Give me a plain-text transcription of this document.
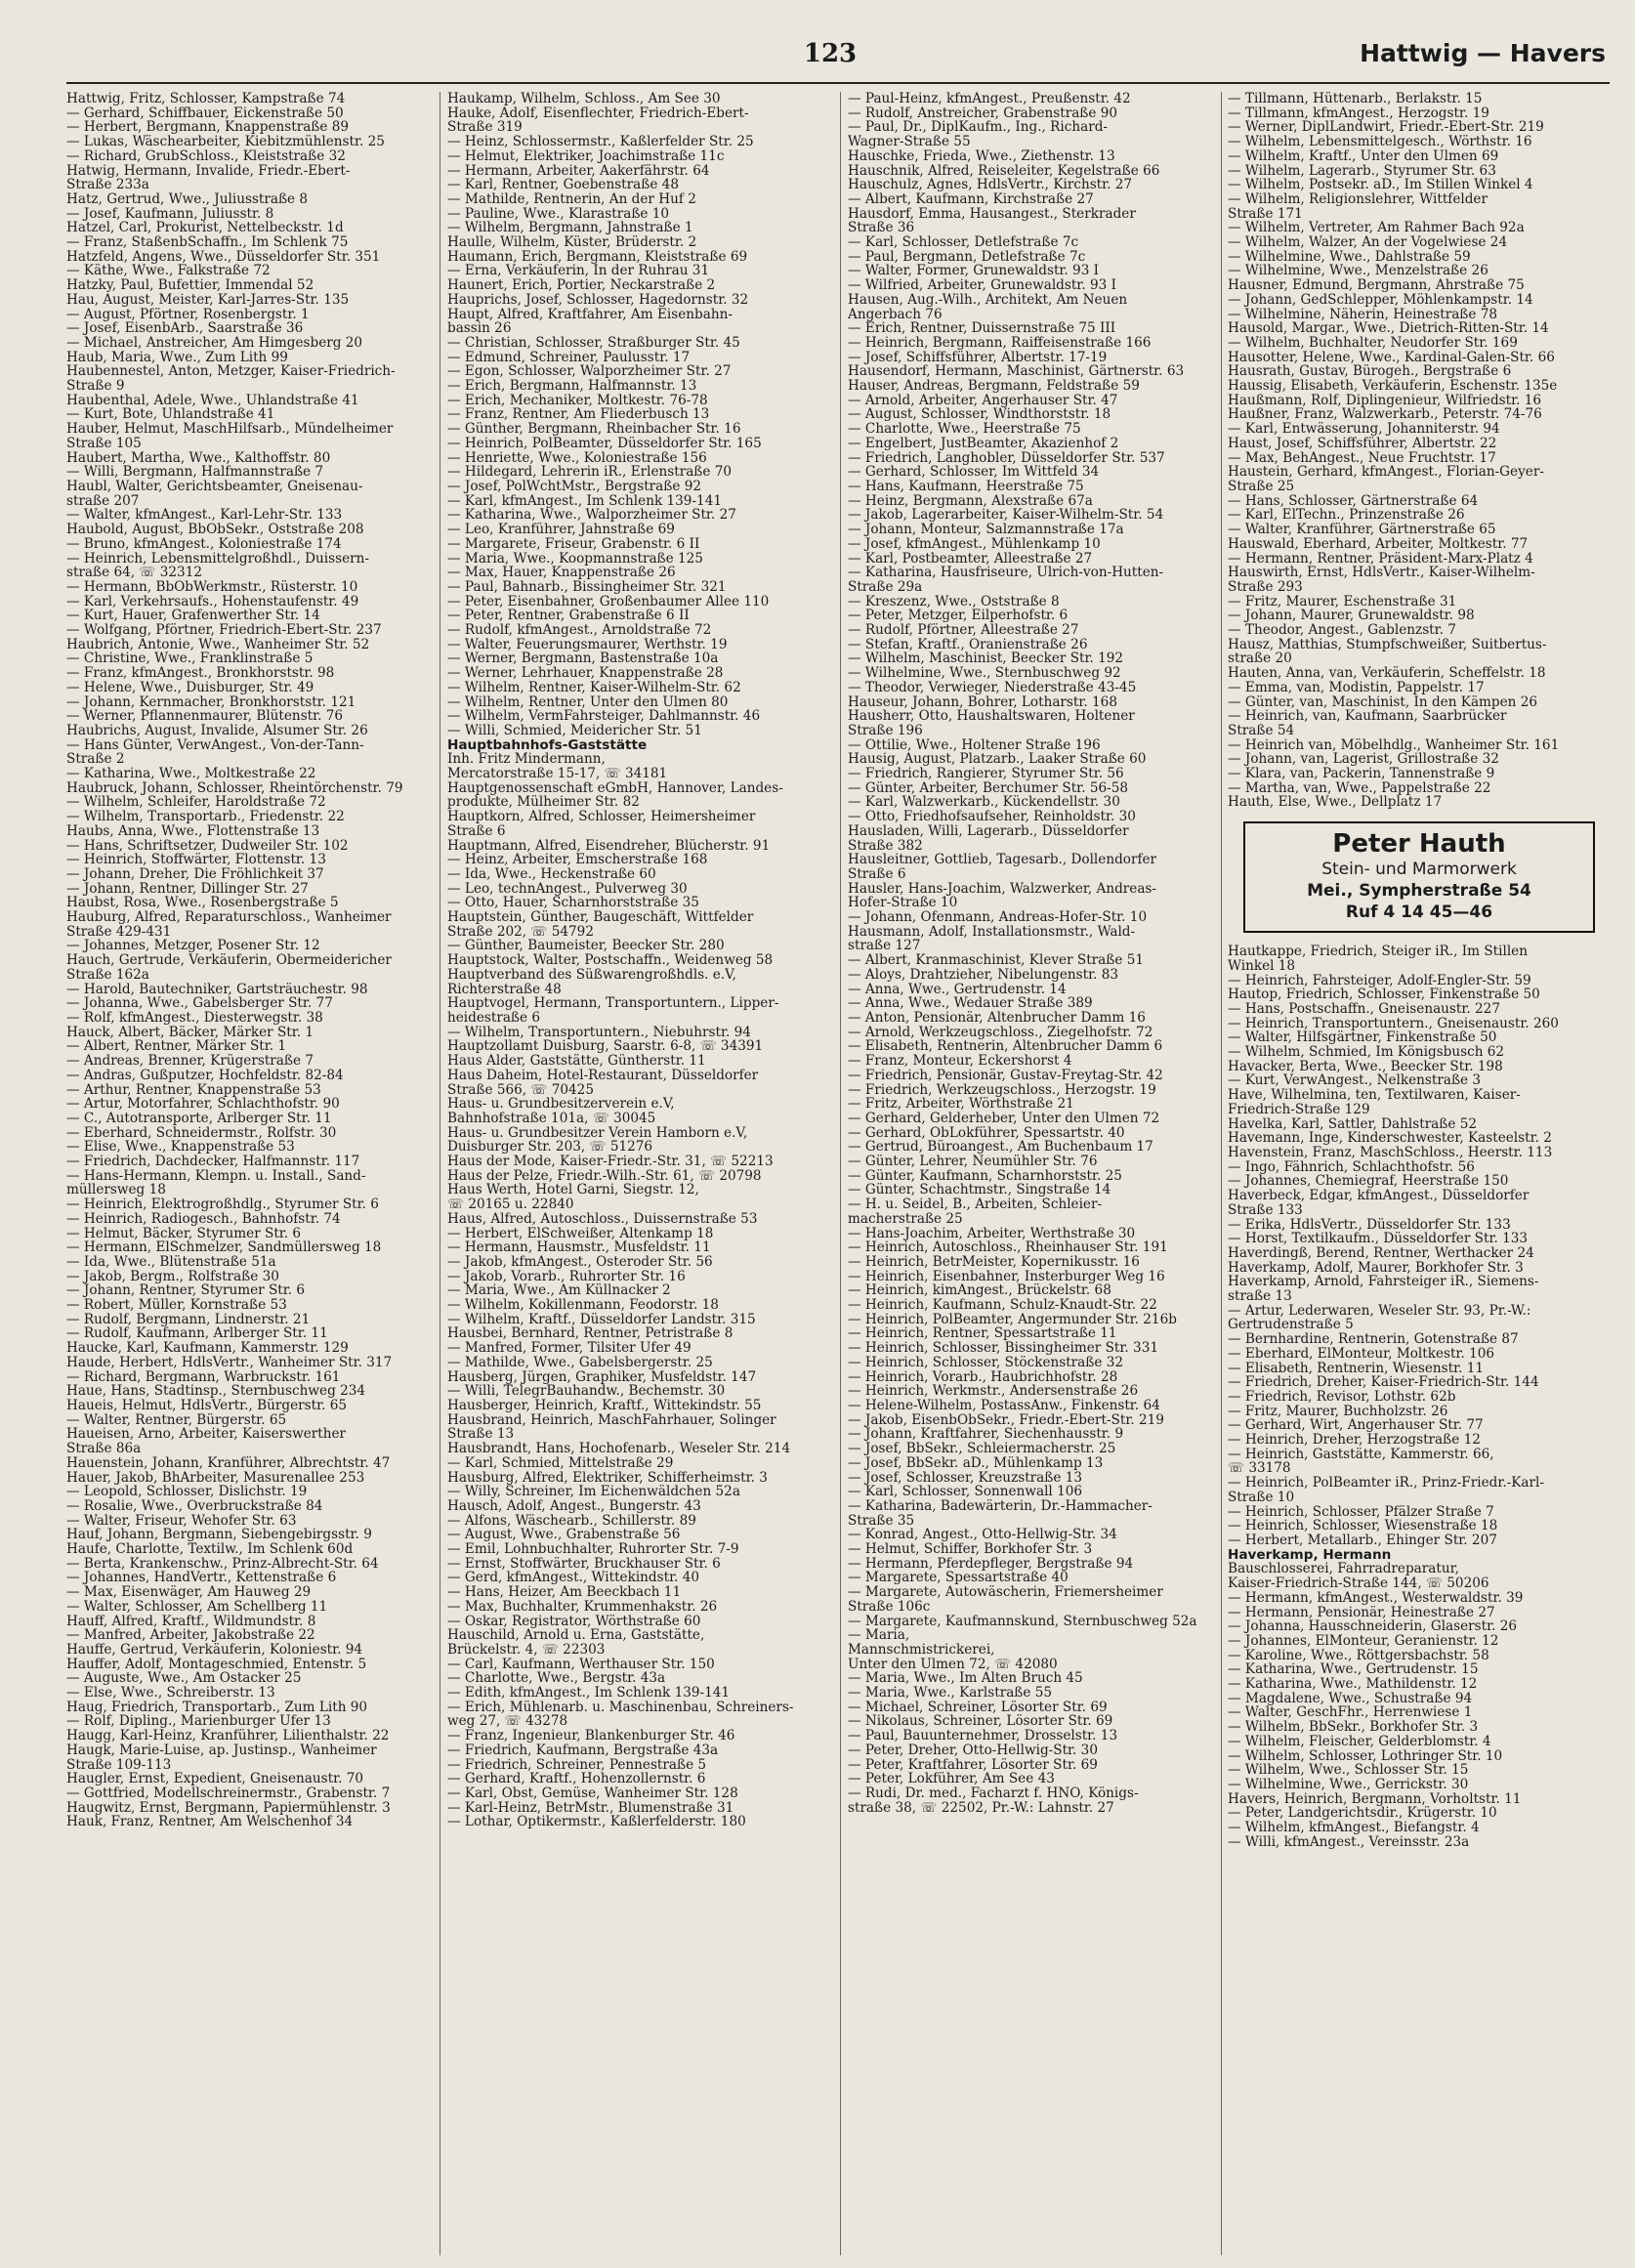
123	Hattwig — Havers
Hattwig, Fritz, Schlosser, Kampstraße 74
— Gerhard, Schiffbauer, Eickenstraße 50
— Herbert, Bergmann, Knappenstraße 89
— Lukas, Wäschearbeiter, Kiebitzmühlenstr. 25
— Richard, GrubSchloss., Kleiststraße 32
Hatwig, Hermann, Invalide, Friedr.-Ebert-
Straße 233a
Hatz, Gertrud, Wwe., Juliusstraße 8
— Josef, Kaufmann, Juliusstr. 8
Hatzel, Carl, Prokurist, Nettelbeckstr. 1d
— Franz, StaßenbSchaffn., Im Schlenk 75
Hatzfeld, Angens, Wwe., Düsseldorfer Str. 351
— Käthe, Wwe., Falkstraße 72
Hatzky, Paul, Bufettier, Immendal 52
Hau, August, Meister, Karl-Jarres-Str. 135
— August, Pförtner, Rosenbergstr. 1
— Josef, EisenbArb., Saarstraße 36
— Michael, Anstreicher, Am Himgesberg 20
Haub, Maria, Wwe., Zum Lith 99
Haubennestel, Anton, Metzger, Kaiser-Friedrich-
Straße 9
Haubenthal, Adele, Wwe., Uhlandstraße 41
— Kurt, Bote, Uhlandstraße 41
Hauber, Helmut, MaschHilfsarb., Mündelheimer
Straße 105
Haubert, Martha, Wwe., Kalthoffstr. 80
— Willi, Bergmann, Halfmannstraße 7
Haubl, Walter, Gerichtsbeamter, Gneisenau-
straße 207
— Walter, kfmAngest., Karl-Lehr-Str. 133
Haubold, August, BbObSekr., Oststraße 208
— Bruno, kfmAngest., Koloniestraße 174
— Heinrich, Lebensmittelgroßhdl., Duissern-
straße 64, ☏ 32312
— Hermann, BbObWerkmstr., Rüsterstr. 10
— Karl, Verkehrsaufs., Hohenstaufenstr. 49
— Kurt, Hauer, Grafenwerther Str. 14
— Wolfgang, Pförtner, Friedrich-Ebert-Str. 237
Haubrich, Antonie, Wwe., Wanheimer Str. 52
— Christine, Wwe., Franklinstraße 5
— Franz, kfmAngest., Bronkhorststr. 98
— Helene, Wwe., Duisburger, Str. 49
— Johann, Kernmacher, Bronkhorststr. 121
— Werner, Pflannenmaurer, Blütenstr. 76
Haubrichs, August, Invalide, Alsumer Str. 26
— Hans Günter, VerwAngest., Von-der-Tann-
Straße 2
— Katharina, Wwe., Moltkestraße 22
Haubruck, Johann, Schlosser, Rheintörchenstr. 79
— Wilhelm, Schleifer, Haroldstraße 72
— Wilhelm, Transportarb., Friedenstr. 22
Haubs, Anna, Wwe., Flottenstraße 13
— Hans, Schriftsetzer, Dudweiler Str. 102
— Heinrich, Stoffwärter, Flottenstr. 13
— Johann, Dreher, Die Fröhlichkeit 37
— Johann, Rentner, Dillinger Str. 27
Haubst, Rosa, Wwe., Rosenbergstraße 5
Hauburg, Alfred, Reparaturschloss., Wanheimer
Straße 429-431
— Johannes, Metzger, Posener Str. 12
Hauch, Gertrude, Verkäuferin, Obermeidericher
Straße 162a
— Harold, Bautechniker, Gartsträuchestr. 98
— Johanna, Wwe., Gabelsberger Str. 77
— Rolf, kfmAngest., Diesterwegstr. 38
Hauck, Albert, Bäcker, Märker Str. 1
— Albert, Rentner, Märker Str. 1
— Andreas, Brenner, Krügerstraße 7
— Andras, Gußputzer, Hochfeldstr. 82-84
— Arthur, Rentner, Knappenstraße 53
— Artur, Motorfahrer, Schlachthofstr. 90
— C., Autotransporte, Arlberger Str. 11
— Eberhard, Schneidermstr., Rolfstr. 30
— Elise, Wwe., Knappenstraße 53
— Friedrich, Dachdecker, Halfmannstr. 117
— Hans-Hermann, Klempn. u. Install., Sand-
müllersweg 18
— Heinrich, Elektrogroßhdlg., Styrumer Str. 6
— Heinrich, Radiogesch., Bahnhofstr. 74
— Helmut, Bäcker, Styrumer Str. 6
— Hermann, ElSchmelzer, Sandmüllersweg 18
— Ida, Wwe., Blütenstraße 51a
— Jakob, Bergm., Rolfstraße 30
— Johann, Rentner, Styrumer Str. 6
— Robert, Müller, Kornstraße 53
— Rudolf, Bergmann, Lindnerstr. 21
— Rudolf, Kaufmann, Arlberger Str. 11
Haucke, Karl, Kaufmann, Kammerstr. 129
Haude, Herbert, HdlsVertr., Wanheimer Str. 317
— Richard, Bergmann, Warbruckstr. 161
Haue, Hans, Stadtinsp., Sternbuschweg 234
Haueis, Helmut, HdlsVertr., Bürgerstr. 65
— Walter, Rentner, Bürgerstr. 65
Haueisen, Arno, Arbeiter, Kaiserswerther
Straße 86a
Hauenstein, Johann, Kranführer, Albrechtstr. 47
Hauer, Jakob, BhArbeiter, Masurenallee 253
— Leopold, Schlosser, Dislichstr. 19
— Rosalie, Wwe., Overbruckstraße 84
— Walter, Friseur, Wehofer Str. 63
Hauf, Johann, Bergmann, Siebengebirgsstr. 9
Haufe, Charlotte, Textilw., Im Schlenk 60d
— Berta, Krankenschw., Prinz-Albrecht-Str. 64
— Johannes, HandVertr., Kettenstraße 6
— Max, Eisenwäger, Am Hauweg 29
— Walter, Schlosser, Am Schellberg 11
Hauff, Alfred, Kraftf., Wildmundstr. 8
— Manfred, Arbeiter, Jakobstraße 22
Hauffe, Gertrud, Verkäuferin, Koloniestr. 94
Hauffer, Adolf, Montageschmied, Entenstr. 5
— Auguste, Wwe., Am Ostacker 25
— Else, Wwe., Schreiberstr. 13
Haug, Friedrich, Transportarb., Zum Lith 90
— Rolf, Dipling., Marienburger Ufer 13
Haugg, Karl-Heinz, Kranführer, Lilienthalstr. 22
Haugk, Marie-Luise, ap. Justinsp., Wanheimer
Straße 109-113
Haugler, Ernst, Expedient, Gneisenaustr. 70
— Gottfried, Modellschreinermstr., Grabenstr. 7
Haugwitz, Ernst, Bergmann, Papiermühlenstr. 3
Hauk, Franz, Rentner, Am Welschenhof 34
Haukamp, Wilhelm, Schloss., Am See 30
Hauke, Adolf, Eisenflechter, Friedrich-Ebert-
Straße 319
— Heinz, Schlossermstr., Kaßlerfelder Str. 25
— Helmut, Elektriker, Joachimstraße 11c
— Hermann, Arbeiter, Aakerfährstr. 64
— Karl, Rentner, Goebenstraße 48
— Mathilde, Rentnerin, An der Huf 2
— Pauline, Wwe., Klarastraße 10
— Wilhelm, Bergmann, Jahnstraße 1
Haulle, Wilhelm, Küster, Brüderstr. 2
Haumann, Erich, Bergmann, Kleiststraße 69
— Erna, Verkäuferin, In der Ruhrau 31
Haunert, Erich, Portier, Neckarstraße 2
Hauprichs, Josef, Schlosser, Hagedornstr. 32
Haupt, Alfred, Kraftfahrer, Am Eisenbahn-
bassin 26
— Christian, Schlosser, Straßburger Str. 45
— Edmund, Schreiner, Paulusstr. 17
— Egon, Schlosser, Walporzheimer Str. 27
— Erich, Bergmann, Halfmannstr. 13
— Erich, Mechaniker, Moltkestr. 76-78
— Franz, Rentner, Am Fliederbusch 13
— Günther, Bergmann, Rheinbacher Str. 16
— Heinrich, PolBeamter, Düsseldorfer Str. 165
— Henriette, Wwe., Koloniestraße 156
— Hildegard, Lehrerin iR., Erlenstraße 70
— Josef, PolWchtMstr., Bergstraße 92
— Karl, kfmAngest., Im Schlenk 139-141
— Katharina, Wwe., Walporzheimer Str. 27
— Leo, Kranführer, Jahnstraße 69
— Margarete, Friseur, Grabenstr. 6 II
— Maria, Wwe., Koopmannstraße 125
— Max, Hauer, Knappenstraße 26
— Paul, Bahnarb., Bissingheimer Str. 321
— Peter, Eisenbahner, Großenbaumer Allee 110
— Peter, Rentner, Grabenstraße 6 II
— Rudolf, kfmAngest., Arnoldstraße 72
— Walter, Feuerungsmaurer, Werthstr. 19
— Werner, Bergmann, Bastenstraße 10a
— Werner, Lehrhauer, Knappenstraße 28
— Wilhelm, Rentner, Kaiser-Wilhelm-Str. 62
— Wilhelm, Rentner, Unter den Ulmen 80
— Wilhelm, VermFahrsteiger, Dahlmannstr. 46
— Willi, Schmied, Meidericher Str. 51
Hauptbahnhofs-Gaststätte
Inh. Fritz Mindermann,
Mercatorstraße 15-17, ☏ 34181
Hauptgenossenschaft eGmbH, Hannover, Landes-
produkte, Mülheimer Str. 82
Hauptkorn, Alfred, Schlosser, Heimersheimer
Straße 6
Hauptmann, Alfred, Eisendreher, Blücherstr. 91
— Heinz, Arbeiter, Emscherstraße 168
— Ida, Wwe., Heckenstraße 60
— Leo, technAngest., Pulverweg 30
— Otto, Hauer, Scharnhorststraße 35
Hauptstein, Günther, Baugeschäft, Wittfelder
Straße 202, ☏ 54792
— Günther, Baumeister, Beecker Str. 280
Hauptstock, Walter, Postschaffn., Weidenweg 58
Hauptverband des Süßwarengroßhdls. e.V,
Richterstraße 48
Hauptvogel, Hermann, Transportuntern., Lipper-
heidestraße 6
— Wilhelm, Transportuntern., Niebuhrstr. 94
Hauptzollamt Duisburg, Saarstr. 6-8, ☏ 34391
Haus Alder, Gaststätte, Güntherstr. 11
Haus Daheim, Hotel-Restaurant, Düsseldorfer
Straße 566, ☏ 70425
Haus- u. Grundbesitzerverein e.V,
Bahnhofstraße 101a, ☏ 30045
Haus- u. Grundbesitzer Verein Hamborn e.V,
Duisburger Str. 203, ☏ 51276
Haus der Mode, Kaiser-Friedr.-Str. 31, ☏ 52213
Haus der Pelze, Friedr.-Wilh.-Str. 61, ☏ 20798
Haus Werth, Hotel Garni, Siegstr. 12,
☏ 20165 u. 22840
Haus, Alfred, Autoschloss., Duissernstraße 53
— Herbert, ElSchweißer, Altenkamp 18
— Hermann, Hausmstr., Musfeldstr. 11
— Jakob, kfmAngest., Osteroder Str. 56
— Jakob, Vorarb., Ruhrorter Str. 16
— Maria, Wwe., Am Küllnacker 2
— Wilhelm, Kokillenmann, Feodorstr. 18
— Wilhelm, Kraftf., Düsseldorfer Landstr. 315
Hausbei, Bernhard, Rentner, Petristraße 8
— Manfred, Former, Tilsiter Ufer 49
— Mathilde, Wwe., Gabelsbergerstr. 25
Hausberg, Jürgen, Graphiker, Musfeldstr. 147
— Willi, TelegrBauhandw., Bechemstr. 30
Hausberger, Heinrich, Kraftf., Wittekindstr. 55
Hausbrand, Heinrich, MaschFahrhauer, Solinger
Straße 13
Hausbrandt, Hans, Hochofenarb., Weseler Str. 214
— Karl, Schmied, Mittelstraße 29
Hausburg, Alfred, Elektriker, Schifferheimstr. 3
— Willy, Schreiner, Im Eichenwäldchen 52a
Hausch, Adolf, Angest., Bungerstr. 43
— Alfons, Wäschearb., Schillerstr. 89
— August, Wwe., Grabenstraße 56
— Emil, Lohnbuchhalter, Ruhrorter Str. 7-9
— Ernst, Stoffwärter, Bruckhauser Str. 6
— Gerd, kfmAngest., Wittekindstr. 40
— Hans, Heizer, Am Beeckbach 11
— Max, Buchhalter, Krummenhakstr. 26
— Oskar, Registrator, Wörthstraße 60
Hauschild, Arnold u. Erna, Gaststätte,
Brückelstr. 4, ☏ 22303
— Carl, Kaufmann, Werthauser Str. 150
— Charlotte, Wwe., Bergstr. 43a
— Edith, kfmAngest., Im Schlenk 139-141
— Erich, Mühlenarb. u. Maschinenbau, Schreiners-
weg 27, ☏ 43278
— Franz, Ingenieur, Blankenburger Str. 46
— Friedrich, Kaufmann, Bergstraße 43a
— Friedrich, Schreiner, Pennestraße 5
— Gerhard, Kraftf., Hohenzollernstr. 6
— Karl, Obst, Gemüse, Wanheimer Str. 128
— Karl-Heinz, BetrMstr., Blumenstraße 31
— Lothar, Optikermstr., Kaßlerfelderstr. 180
— Paul-Heinz, kfmAngest., Preußenstr. 42
— Rudolf, Anstreicher, Grabenstraße 90
— Paul, Dr., DiplKaufm., Ing., Richard-
Wagner-Straße 55
Hauschke, Frieda, Wwe., Ziethenstr. 13
Hauschnik, Alfred, Reiseleiter, Kegelstraße 66
Hauschulz, Agnes, HdlsVertr., Kirchstr. 27
— Albert, Kaufmann, Kirchstraße 27
Hausdorf, Emma, Hausangest., Sterkrader
Straße 36
— Karl, Schlosser, Detlefstraße 7c
— Paul, Bergmann, Detlefstraße 7c
— Walter, Former, Grunewaldstr. 93 I
— Wilfried, Arbeiter, Grunewaldstr. 93 I
Hausen, Aug.-Wilh., Architekt, Am Neuen
Angerbach 76
— Erich, Rentner, Duissernstraße 75 III
— Heinrich, Bergmann, Raiffeisenstraße 166
— Josef, Schiffsführer, Albertstr. 17-19
Hausendorf, Hermann, Maschinist, Gärtnerstr. 63
Hauser, Andreas, Bergmann, Feldstraße 59
— Arnold, Arbeiter, Angerhauser Str. 47
— August, Schlosser, Windthorststr. 18
— Charlotte, Wwe., Heerstraße 75
— Engelbert, JustBeamter, Akazienhof 2
— Friedrich, Langhobler, Düsseldorfer Str. 537
— Gerhard, Schlosser, Im Wittfeld 34
— Hans, Kaufmann, Heerstraße 75
— Heinz, Bergmann, Alexstraße 67a
— Jakob, Lagerarbeiter, Kaiser-Wilhelm-Str. 54
— Johann, Monteur, Salzmannstraße 17a
— Josef, kfmAngest., Mühlenkamp 10
— Karl, Postbeamter, Alleestraße 27
— Katharina, Hausfriseure, Ulrich-von-Hutten-
Straße 29a
— Kreszenz, Wwe., Oststraße 8
— Peter, Metzger, Eilperhofstr. 6
— Rudolf, Pförtner, Alleestraße 27
— Stefan, Kraftf., Oranienstraße 26
— Wilhelm, Maschinist, Beecker Str. 192
— Wilhelmine, Wwe., Sternbuschweg 92
— Theodor, Verwieger, Niederstraße 43-45
Hauseur, Johann, Bohrer, Lotharstr. 168
Hausherr, Otto, Haushaltswaren, Holtener
Straße 196
— Ottilie, Wwe., Holtener Straße 196
Hausig, August, Platzarb., Laaker Straße 60
— Friedrich, Rangierer, Styrumer Str. 56
— Günter, Arbeiter, Berchumer Str. 56-58
— Karl, Walzwerkarb., Kückendellstr. 30
— Otto, Friedhofsaufseher, Reinholdstr. 30
Hausladen, Willi, Lagerarb., Düsseldorfer
Straße 382
Hausleitner, Gottlieb, Tagesarb., Dollendorfer
Straße 6
Hausler, Hans-Joachim, Walzwerker, Andreas-
Hofer-Straße 10
— Johann, Ofenmann, Andreas-Hofer-Str. 10
Hausmann, Adolf, Installationsmstr., Wald-
straße 127
— Albert, Kranmaschinist, Klever Straße 51
— Aloys, Drahtzieher, Nibelungenstr. 83
— Anna, Wwe., Gertrudenstr. 14
— Anna, Wwe., Wedauer Straße 389
— Anton, Pensionär, Altenbrucher Damm 16
— Arnold, Werkzeugschloss., Ziegelhofstr. 72
— Elisabeth, Rentnerin, Altenbrucher Damm 6
— Franz, Monteur, Eckershorst 4
— Friedrich, Pensionär, Gustav-Freytag-Str. 42
— Friedrich, Werkzeugschloss., Herzogstr. 19
— Fritz, Arbeiter, Wörthstraße 21
— Gerhard, Gelderheber, Unter den Ulmen 72
— Gerhard, ObLokführer, Spessartstr. 40
— Gertrud, Büroangest., Am Buchenbaum 17
— Günter, Lehrer, Neumühler Str. 76
— Günter, Kaufmann, Scharnhorststr. 25
— Günter, Schachtmstr., Singstraße 14
— H. u. Seidel, B., Arbeiten, Schleier-
macherstraße 25
— Hans-Joachim, Arbeiter, Werthstraße 30
— Heinrich, Autoschloss., Rheinhauser Str. 191
— Heinrich, BetrMeister, Kopernikusstr. 16
— Heinrich, Eisenbahner, Insterburger Weg 16
— Heinrich, kimAngest., Brückelstr. 68
— Heinrich, Kaufmann, Schulz-Knaudt-Str. 22
— Heinrich, PolBeamter, Angermunder Str. 216b
— Heinrich, Rentner, Spessartstraße 11
— Heinrich, Schlosser, Bissingheimer Str. 331
— Heinrich, Schlosser, Stöckenstraße 32
— Heinrich, Vorarb., Haubrichhofstr. 28
— Heinrich, Werkmstr., Andersenstraße 26
— Helene-Wilhelm, PostassAnw., Finkenstr. 64
— Jakob, EisenbObSekr., Friedr.-Ebert-Str. 219
— Johann, Kraftfahrer, Siechenhausstr. 9
— Josef, BbSekr., Schleiermacherstr. 25
— Josef, BbSekr. aD., Mühlenkamp 13
— Josef, Schlosser, Kreuzstraße 13
— Karl, Schlosser, Sonnenwall 106
— Katharina, Badewärterin, Dr.-Hammacher-
Straße 35
— Konrad, Angest., Otto-Hellwig-Str. 34
— Helmut, Schiffer, Borkhofer Str. 3
— Hermann, Pferdepfleger, Bergstraße 94
— Margarete, Spessartstraße 40
— Margarete, Autowäscherin, Friemersheimer
Straße 106c
— Margarete, Kaufmannskund, Sternbuschweg 52a
— Maria,
Mannschmistrickerei,
Unter den Ulmen 72, ☏ 42080
— Maria, Wwe., Im Alten Bruch 45
— Maria, Wwe., Karlstraße 55
— Michael, Schreiner, Lösorter Str. 69
— Nikolaus, Schreiner, Lösorter Str. 69
— Paul, Bauunternehmer, Drosselstr. 13
— Peter, Dreher, Otto-Hellwig-Str. 30
— Peter, Kraftfahrer, Lösorter Str. 69
— Peter, Lokführer, Am See 43
— Rudi, Dr. med., Facharzt f. HNO, Königs-
straße 38, ☏ 22502, Pr.-W.: Lahnstr. 27
— Tillmann, Hüttenarb., Berlakstr. 15
— Tillmann, kfmAngest., Herzogstr. 19
— Werner, DiplLandwirt, Friedr.-Ebert-Str. 219
— Wilhelm, Lebensmittelgesch., Wörthstr. 16
— Wilhelm, Kraftf., Unter den Ulmen 69
— Wilhelm, Lagerarb., Styrumer Str. 63
— Wilhelm, Postsekr. aD., Im Stillen Winkel 4
— Wilhelm, Religionslehrer, Wittfelder
Straße 171
— Wilhelm, Vertreter, Am Rahmer Bach 92a
— Wilhelm, Walzer, An der Vogelwiese 24
— Wilhelmine, Wwe., Dahlstraße 59
— Wilhelmine, Wwe., Menzelstraße 26
Hausner, Edmund, Bergmann, Ahrstraße 75
— Johann, GedSchlepper, Möhlenkampstr. 14
— Wilhelmine, Näherin, Heinestraße 78
Hausold, Margar., Wwe., Dietrich-Ritten-Str. 14
— Wilhelm, Buchhalter, Neudorfer Str. 169
Hausotter, Helene, Wwe., Kardinal-Galen-Str. 66
Hausrath, Gustav, Bürogeh., Bergstraße 6
Haussig, Elisabeth, Verkäuferin, Eschenstr. 135e
Haußmann, Rolf, Diplingenieur, Wilfriedstr. 16
Haußner, Franz, Walzwerkarb., Peterstr. 74-76
— Karl, Entwässerung, Johanniterstr. 94
Haust, Josef, Schiffsführer, Albertstr. 22
— Max, BehAngest., Neue Fruchtstr. 17
Haustein, Gerhard, kfmAngest., Florian-Geyer-
Straße 25
— Hans, Schlosser, Gärtnerstraße 64
— Karl, ElTechn., Prinzenstraße 26
— Walter, Kranführer, Gärtnerstraße 65
Hauswald, Eberhard, Arbeiter, Moltkestr. 77
— Hermann, Rentner, Präsident-Marx-Platz 4
Hauswirth, Ernst, HdlsVertr., Kaiser-Wilhelm-
Straße 293
— Fritz, Maurer, Eschenstraße 31
— Johann, Maurer, Grunewaldstr. 98
— Theodor, Angest., Gablenzstr. 7
Hausz, Matthias, Stumpfschweißer, Suitbertus-
straße 20
Hauten, Anna, van, Verkäuferin, Scheffelstr. 18
— Emma, van, Modistin, Pappelstr. 17
— Günter, van, Maschinist, In den Kämpen 26
— Heinrich, van, Kaufmann, Saarbrücker
Straße 54
— Heinrich van, Möbelhdlg., Wanheimer Str. 161
— Johann, van, Lagerist, Grillostraße 32
— Klara, van, Packerin, Tannenstraße 9
— Martha, van, Wwe., Pappelstraße 22
Hauth, Else, Wwe., Dellplatz 17
Peter Hauth
Stein- und Marmorwerk
Mei., Sympherstraße 54
Ruf 4 14 45—46
Hautkappe, Friedrich, Steiger iR., Im Stillen
Winkel 18
— Heinrich, Fahrsteiger, Adolf-Engler-Str. 59
Hautop, Friedrich, Schlosser, Finkenstraße 50
— Hans, Postschaffn., Gneisenaustr. 227
— Heinrich, Transportuntern., Gneisenaustr. 260
— Walter, Hilfsgärtner, Finkenstraße 50
— Wilhelm, Schmied, Im Königsbusch 62
Havacker, Berta, Wwe., Beecker Str. 198
— Kurt, VerwAngest., Nelkenstraße 3
Have, Wilhelmina, ten, Textilwaren, Kaiser-
Friedrich-Straße 129
Havelka, Karl, Sattler, Dahlstraße 52
Havemann, Inge, Kinderschwester, Kasteelstr. 2
Havenstein, Franz, MaschSchloss., Heerstr. 113
— Ingo, Fähnrich, Schlachthofstr. 56
— Johannes, Chemiegraf, Heerstraße 150
Haverbeck, Edgar, kfmAngest., Düsseldorfer
Straße 133
— Erika, HdlsVertr., Düsseldorfer Str. 133
— Horst, Textilkaufm., Düsseldorfer Str. 133
Haverdingß, Berend, Rentner, Werthacker 24
Haverkamp, Adolf, Maurer, Borkhofer Str. 3
Haverkamp, Arnold, Fahrsteiger iR., Siemens-
straße 13
— Artur, Lederwaren, Weseler Str. 93, Pr.-W.:
Gertrudenstraße 5
— Bernhardine, Rentnerin, Gotenstraße 87
— Eberhard, ElMonteur, Moltkestr. 106
— Elisabeth, Rentnerin, Wiesenstr. 11
— Friedrich, Dreher, Kaiser-Friedrich-Str. 144
— Friedrich, Revisor, Lothstr. 62b
— Fritz, Maurer, Buchholzstr. 26
— Gerhard, Wirt, Angerhauser Str. 77
— Heinrich, Dreher, Herzogstraße 12
— Heinrich, Gaststätte, Kammerstr. 66,
☏ 33178
— Heinrich, PolBeamter iR., Prinz-Friedr.-Karl-
Straße 10
— Heinrich, Schlosser, Pfälzer Straße 7
— Heinrich, Schlosser, Wiesenstraße 18
— Herbert, Metallarb., Ehinger Str. 207
Haverkamp, Hermann
Bauschlosserei, Fahrradreparatur,
Kaiser-Friedrich-Straße 144, ☏ 50206
— Hermann, kfmAngest., Westerwaldstr. 39
— Hermann, Pensionär, Heinestraße 27
— Johanna, Hausschneiderin, Glaserstr. 26
— Johannes, ElMonteur, Geranienstr. 12
— Karoline, Wwe., Röttgersbachstr. 58
— Katharina, Wwe., Gertrudenstr. 15
— Katharina, Wwe., Mathildenstr. 12
— Magdalene, Wwe., Schustraße 94
— Walter, GeschFhr., Herrenwiese 1
— Wilhelm, BbSekr., Borkhofer Str. 3
— Wilhelm, Fleischer, Gelderblomstr. 4
— Wilhelm, Schlosser, Lothringer Str. 10
— Wilhelm, Wwe., Schlosser Str. 15
— Wilhelmine, Wwe., Gerrickstr. 30
Havers, Heinrich, Bergmann, Vorholtstr. 11
— Peter, Landgerichtsdir., Krügerstr. 10
— Wilhelm, kfmAngest., Biefangstr. 4
— Willi, kfmAngest., Vereinsstr. 23a
